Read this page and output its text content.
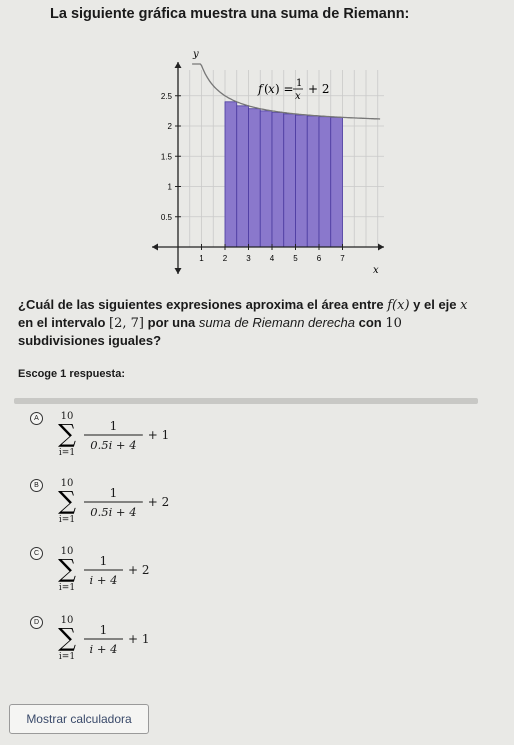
La siguiente gráfica muestra una suma de Riemann:
1 2 3 4 5 6 7
0.5
1
1.5
2
2.5
y
x
f ( x ) = 1
x
+ 2
¿Cuál de las siguientes expresiones aproxima el área entre f(x) y el eje x
en el intervalo [2, 7] por una suma de Riemann derecha con 10
subdivisiones iguales?
Escoge 1 respuesta:
A	10
∑
i=1
1
0.5i + 4
+ 1
B	10
∑
i=1
1
0.5i + 4
+ 2
C	10
∑
i=1
1
i + 4
+ 2
D	10
∑
i=1
1
i + 4
+ 1
Mostrar calculadora
